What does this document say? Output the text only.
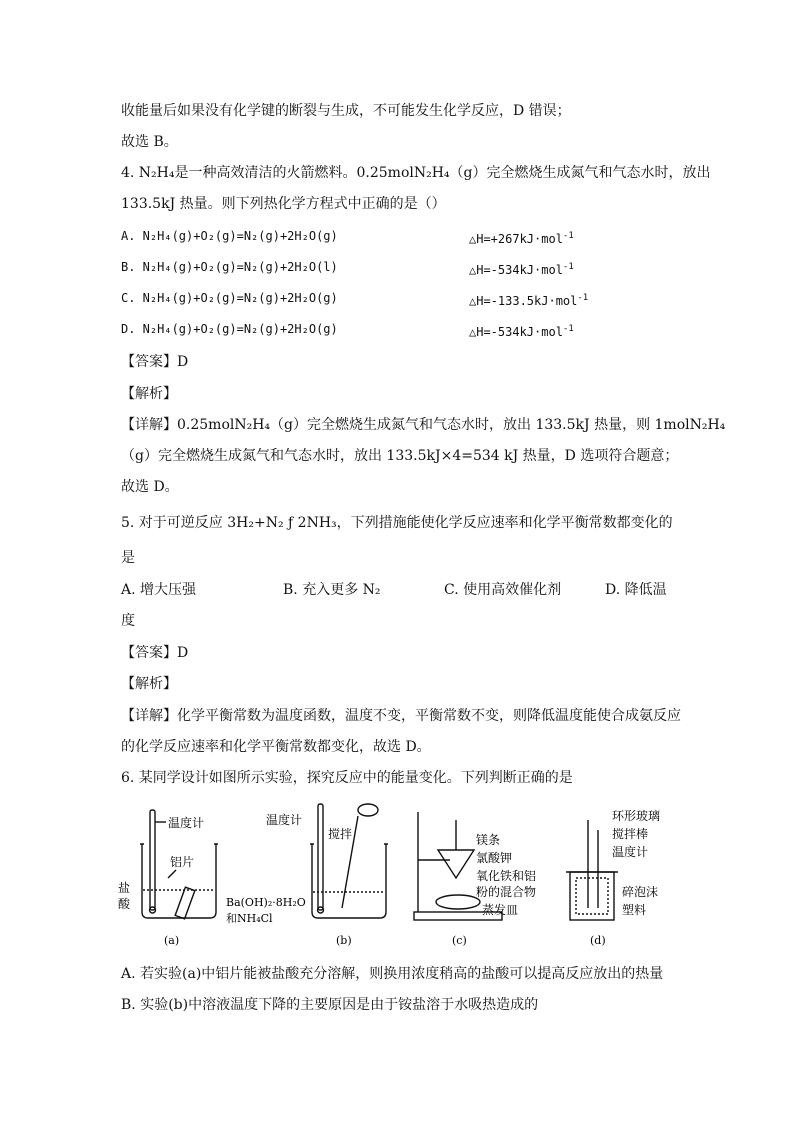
收能量后如果没有化学键的断裂与生成，不可能发生化学反应，D 错误；
故选 B。
4. N₂H₄是一种高效清洁的火箭燃料。0.25molN₂H₄（g）完全燃烧生成氮气和气态水时，放出
133.5kJ 热量。则下列热化学方程式中正确的是（）
A. N₂H₄(g)+O₂(g)=N₂(g)+2H₂O(g)	△H=+267kJ·mol$^{-1}$
B. N₂H₄(g)+O₂(g)=N₂(g)+2H₂O(l)	△H=-534kJ·mol$^{-1}$
C. N₂H₄(g)+O₂(g)=N₂(g)+2H₂O(g)	△H=-133.5kJ·mol$^{-1}$
D. N₂H₄(g)+O₂(g)=N₂(g)+2H₂O(g)	△H=-534kJ·mol$^{-1}$
【答案】D
【解析】
【详解】0.25molN₂H₄（g）完全燃烧生成氮气和气态水时，放出 133.5kJ 热量，则 1molN₂H₄
（g）完全燃烧生成氮气和气态水时，放出 133.5kJ×4=534 kJ 热量，D 选项符合题意；
故选 D。
5. 对于可逆反应 3H₂+N₂ ƒ 2NH₃，下列措施能使化学反应速率和化学平衡常数都变化的
是
A. 增大压强	B. 充入更多 N₂	C. 使用高效催化剂	D. 降低温
度
【答案】D
【解析】
【详解】化学平衡常数为温度函数，温度不变，平衡常数不变，则降低温度能使合成氨反应
的化学反应速率和化学平衡常数都变化，故选 D。
6. 某同学设计如图所示实验，探究反应中的能量变化。下列判断正确的是
温度计
铝片
盐
酸
(a)
温度计
搅拌
Ba(OH)₂·8H₂O
和NH₄Cl
(b)
镁条
氯酸钾
氧化铁和铝
粉的混合物
蒸发皿
(c)
环形玻璃
搅拌棒
温度计
碎泡沫
塑料
(d)
A. 若实验(a)中铝片能被盐酸充分溶解，则换用浓度稍高的盐酸可以提高反应放出的热量
B. 实验(b)中溶液温度下降的主要原因是由于铵盐溶于水吸热造成的
